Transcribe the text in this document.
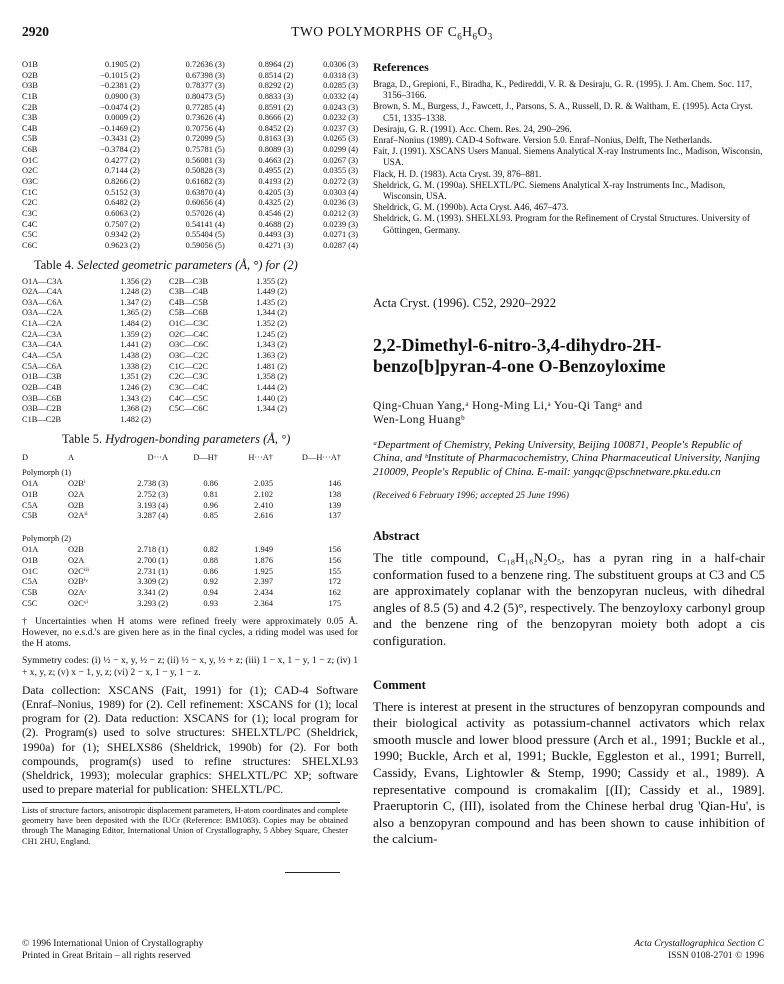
2920	TWO POLYMORPHS OF $C_6H_6O_3$
O1B	0.1905 (2)	0.72636 (3)	0.8964 (2)	0.0306 (3)
O2B	−0.1015 (2)	0.67398 (3)	0.8514 (2)	0.0318 (3)
O3B	−0.2381 (2)	0.78377 (3)	0.8292 (2)	0.0285 (3)
C1B	0.0900 (3)	0.80473 (5)	0.8833 (3)	0.0332 (4)
C2B	−0.0474 (2)	0.77285 (4)	0.8591 (2)	0.0243 (3)
C3B	0.0009 (2)	0.73626 (4)	0.8666 (2)	0.0232 (3)
C4B	−0.1469 (2)	0.70756 (4)	0.8452 (2)	0.0237 (3)
C5B	−0.3431 (2)	0.72099 (5)	0.8163 (3)	0.0265 (3)
C6B	−0.3784 (2)	0.75781 (5)	0.8089 (3)	0.0299 (4)
O1C	0.4277 (2)	0.56081 (3)	0.4663 (2)	0.0267 (3)
O2C	0.7144 (2)	0.50828 (3)	0.4955 (2)	0.0355 (3)
O3C	0.8266 (2)	0.61682 (3)	0.4193 (2)	0.0272 (3)
C1C	0.5152 (3)	0.63870 (4)	0.4205 (3)	0.0303 (4)
C2C	0.6482 (2)	0.60656 (4)	0.4325 (2)	0.0236 (3)
C3C	0.6063 (2)	0.57026 (4)	0.4546 (2)	0.0212 (3)
C4C	0.7507 (2)	0.54141 (4)	0.4688 (2)	0.0239 (3)
C5C	0.9342 (2)	0.55404 (5)	0.4493 (3)	0.0271 (3)
C6C	0.9623 (2)	0.59056 (5)	0.4271 (3)	0.0287 (4)
Table 4. Selected geometric parameters (Å, °) for (2)
O1A—C3A	1.356 (2)	C2B—C3B	1.355 (2)
O2A—C4A	1.248 (2)	C3B—C4B	1.449 (2)
O3A—C6A	1.347 (2)	C4B—C5B	1.435 (2)
O3A—C2A	1.365 (2)	C5B—C6B	1.344 (2)
C1A—C2A	1.484 (2)	O1C—C3C	1.352 (2)
C2A—C3A	1.359 (2)	O2C—C4C	1.245 (2)
C3A—C4A	1.441 (2)	O3C—C6C	1.343 (2)
C4A—C5A	1.438 (2)	O3C—C2C	1.363 (2)
C5A—C6A	1.338 (2)	C1C—C2C	1.481 (2)
O1B—C3B	1.351 (2)	C2C—C3C	1.358 (2)
O2B—C4B	1.246 (2)	C3C—C4C	1.444 (2)
O3B—C6B	1.343 (2)	C4C—C5C	1.440 (2)
O3B—C2B	1.368 (2)	C5C—C6C	1.344 (2)
C1B—C2B	1.482 (2)
Table 5. Hydrogen-bonding parameters (Å, °)
D	A	D···A	D—H†	H···A†	D—H···A†
Polymorph (1)
O1A	O2Bⁱ	2.738 (3)	0.86	2.035	146
O1B	O2A	2.752 (3)	0.81	2.102	138
C5A	O2B	3.193 (4)	0.96	2.410	139
C5B	O2Aⁱⁱ	3.287 (4)	0.85	2.616	137
Polymorph (2)
O1A	O2B	2.718 (1)	0.82	1.949	156
O1B	O2A	2.700 (1)	0.88	1.876	156
O1C	O2Cⁱⁱⁱ	2.731 (1)	0.86	1.925	155
C5A	O2Bⁱᵛ	3.309 (2)	0.92	2.397	172
C5B	O2Aᵛ	3.341 (2)	0.94	2.434	162
C5C	O2Cᵛⁱ	3.293 (2)	0.93	2.364	175
† Uncertainties when H atoms were refined freely were approximately 0.05 Å. However, no e.s.d.'s are given here as in the final cycles, a riding model was used for the H atoms.
Symmetry codes: (i) ½ − x, y, ½ − z; (ii) ½ − x, y, ½ + z; (iii) 1 − x, 1 − y, 1 − z; (iv) 1 + x, y, z; (v) x − 1, y, z; (vi) 2 − x, 1 − y, 1 − z.
Data collection: XSCANS (Fait, 1991) for (1); CAD-4 Software (Enraf–Nonius, 1989) for (2). Cell refinement: XSCANS for (1); local program for (2). Data reduction: XSCANS for (1); local program for (2). Program(s) used to solve structures: SHELXTL/PC (Sheldrick, 1990a) for (1); SHELXS86 (Sheldrick, 1990b) for (2). For both compounds, program(s) used to refine structures: SHELXL93 (Sheldrick, 1993); molecular graphics: SHELXTL/PC XP; software used to prepare material for publication: SHELXTL/PC.
Lists of structure factors, anisotropic displacement parameters, H-atom coordinates and complete geometry have been deposited with the IUCr (Reference: BM1083). Copies may be obtained through The Managing Editor, International Union of Crystallography, 5 Abbey Square, Chester CH1 2HU, England.
References
Braga, D., Grepioni, F., Biradha, K., Pedireddi, V. R. & Desiraju, G. R. (1995). J. Am. Chem. Soc. 117, 3156–3166.
Brown, S. M., Burgess, J., Fawcett, J., Parsons, S. A., Russell, D. R. & Waltham, E. (1995). Acta Cryst. C51, 1335–1338.
Desiraju, G. R. (1991). Acc. Chem. Res. 24, 290–296.
Enraf–Nonius (1989). CAD-4 Software. Version 5.0. Enraf–Nonius, Delft, The Netherlands.
Fait, J. (1991). XSCANS Users Manual. Siemens Analytical X-ray Instruments Inc., Madison, Wisconsin, USA.
Flack, H. D. (1983). Acta Cryst. 39, 876–881.
Sheldrick, G. M. (1990a). SHELXTL/PC. Siemens Analytical X-ray Instruments Inc., Madison, Wisconsin, USA.
Sheldrick, G. M. (1990b). Acta Cryst. A46, 467–473.
Sheldrick, G. M. (1993). SHELXL93. Program for the Refinement of Crystal Structures. University of Göttingen, Germany.
Acta Cryst. (1996). C52, 2920–2922
2,2-Dimethyl-6-nitro-3,4-dihydro-2H-
benzo[b]pyran-4-one O-Benzoyloxime
Qing-Chuan Yang,ᵃ Hong-Ming Li,ᵃ You-Qi Tangᵃ and
Wen-Long Huangᵇ
ᵃDepartment of Chemistry, Peking University, Beijing 100871, People's Republic of China, and ᵇInstitute of Pharmacochemistry, China Pharmaceutical University, Nanjing 210009, People's Republic of China. E-mail: yangqc@pschnetware.pku.edu.cn
(Received 6 February 1996; accepted 25 June 1996)
Abstract
The title compound, C₁₈H₁₆N₂O₅, has a pyran ring in a half-chair conformation fused to a benzene ring. The substituent groups at C3 and C5 are approximately coplanar with the benzopyran nucleus, with dihedral angles of 8.5 (5) and 4.2 (5)°, respectively. The benzoyloxy carbonyl group and the benzene ring of the benzopyran moiety both adopt a cis configuration.
Comment
There is interest at present in the structures of benzopyran compounds and their biological activity as potassium-channel activators which relax smooth muscle and lower blood pressure (Arch et al., 1991; Buckle et al., 1990; Buckle, Arch et al, 1991; Buckle, Eggleston et al., 1991; Burrell, Cassidy, Evans, Lightowler & Stemp, 1990; Cassidy et al., 1989). A representative compound is cromakalim [(II); Cassidy et al., 1989]. Praeruptorin C, (III), isolated from the Chinese herbal drug 'Qian-Hu', is also a benzopyran compound and has been shown to cause inhibition of the calcium-
© 1996 International Union of Crystallography
Printed in Great Britain – all rights reserved
Acta Crystallographica Section C
ISSN 0108-2701 © 1996
